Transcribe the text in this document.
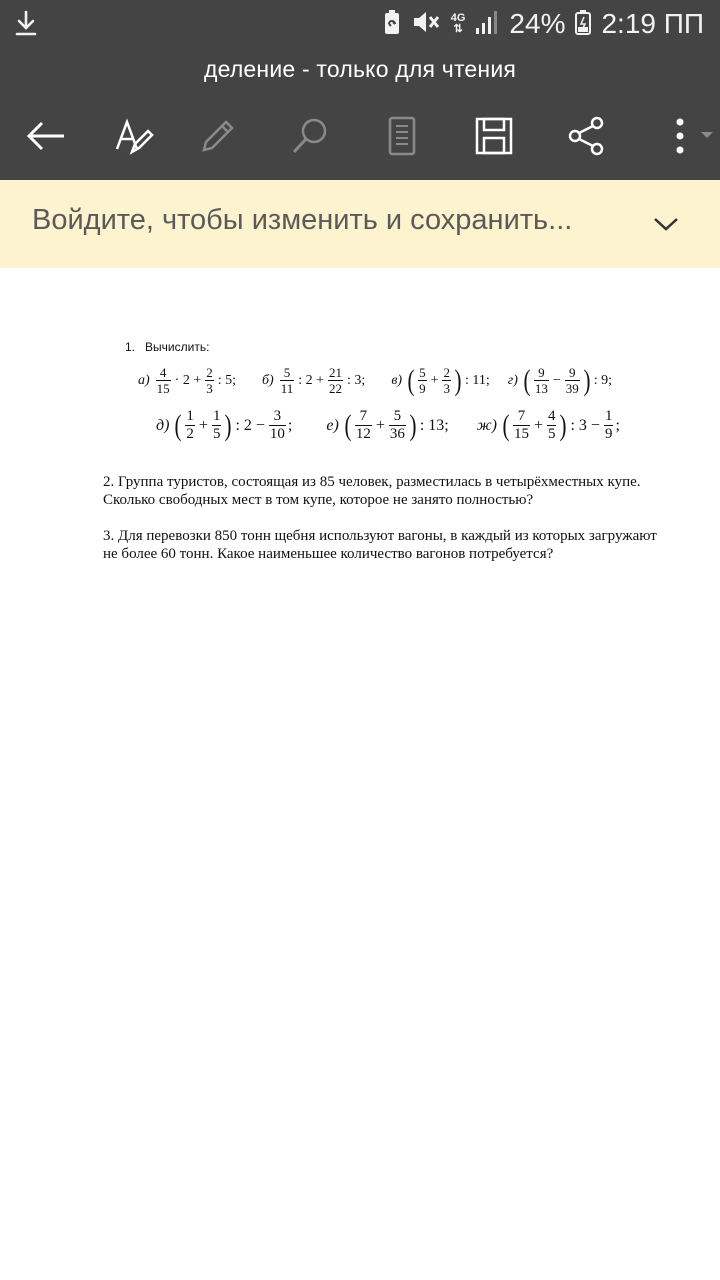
4G
⇅ 24% 2:19 ПП
деление - только для чтения
Войдите, чтобы изменить и сохранить...
1. Вычислить:
$а) \frac{4}{15} \cdot 2 + \frac{2}{3}$ : 5; $б) \frac{5}{11}$ : $2 + \frac{21}{22}$ : 3; в) ( $\frac{5}{9} + \frac{2}{3}$ ) : 11; г) ( $\frac{9}{13} - \frac{9}{39}$ ) : 9;
д) ( $\frac{1}{2} + \frac{1}{5}$ ) : $2 - \frac{3}{10}$ ; е) ( $\frac{7}{12} + \frac{5}{36}$ ) : 13; ж) ( $\frac{7}{15} + \frac{4}{5}$ ) : $3 - \frac{1}{9}$ ;

2. Группа туристов, состоящая из 85 человек, разместилась в четырёхместных купе. Сколько свободных мест в том купе, которое не занято полностью?

3. Для перевозки 850 тонн щебня используют вагоны, в каждый из которых загружают не более 60 тонн. Какое наименьшее количество вагонов потребуется?
